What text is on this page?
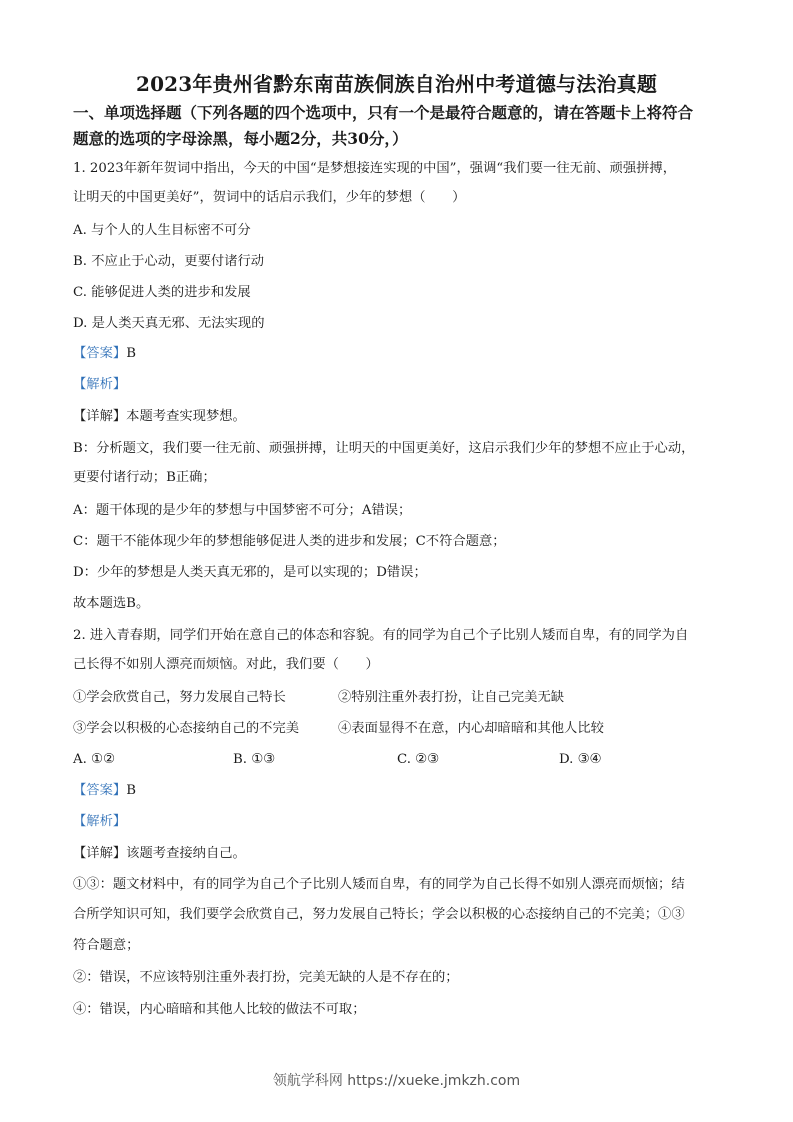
2023年贵州省黔东南苗族侗族自治州中考道德与法治真题
一、单项选择题（下列各题的四个选项中，只有一个是最符合题意的，请在答题卡上将符合
题意的选项的字母涂黑，每小题2分，共30分，）
1. 2023年新年贺词中指出，今天的中国“是梦想接连实现的中国”，强调“我们要一往无前、顽强拼搏，
让明天的中国更美好”，贺词中的话启示我们，少年的梦想（　　）
A. 与个人的人生目标密不可分
B. 不应止于心动，更要付诸行动
C. 能够促进人类的进步和发展
D. 是人类天真无邪、无法实现的
【答案】B
【解析】
【详解】本题考查实现梦想。
B：分析题文，我们要一往无前、顽强拼搏，让明天的中国更美好，这启示我们少年的梦想不应止于心动，
更要付诸行动；B正确；
A：题干体现的是少年的梦想与中国梦密不可分；A错误；
C：题干不能体现少年的梦想能够促进人类的进步和发展；C不符合题意；
D：少年的梦想是人类天真无邪的，是可以实现的；D错误；
故本题选B。
2. 进入青春期，同学们开始在意自己的体态和容貌。有的同学为自己个子比别人矮而自卑，有的同学为自
己长得不如别人漂亮而烦恼。对此，我们要（　　）
①学会欣赏自己，努力发展自己特长	②特别注重外表打扮，让自己完美无缺
③学会以积极的心态接纳自己的不完美	④表面显得不在意，内心却暗暗和其他人比较
A. ①②	B. ①③	C. ②③	D. ③④
【答案】B
【解析】
【详解】该题考查接纳自己。
①③：题文材料中，有的同学为自己个子比别人矮而自卑，有的同学为自己长得不如别人漂亮而烦恼；结
合所学知识可知，我们要学会欣赏自己，努力发展自己特长；学会以积极的心态接纳自己的不完美；①③
符合题意；
②：错误，不应该特别注重外表打扮，完美无缺的人是不存在的；
④：错误，内心暗暗和其他人比较的做法不可取；
领航学科网 https://xueke.jmkzh.com
